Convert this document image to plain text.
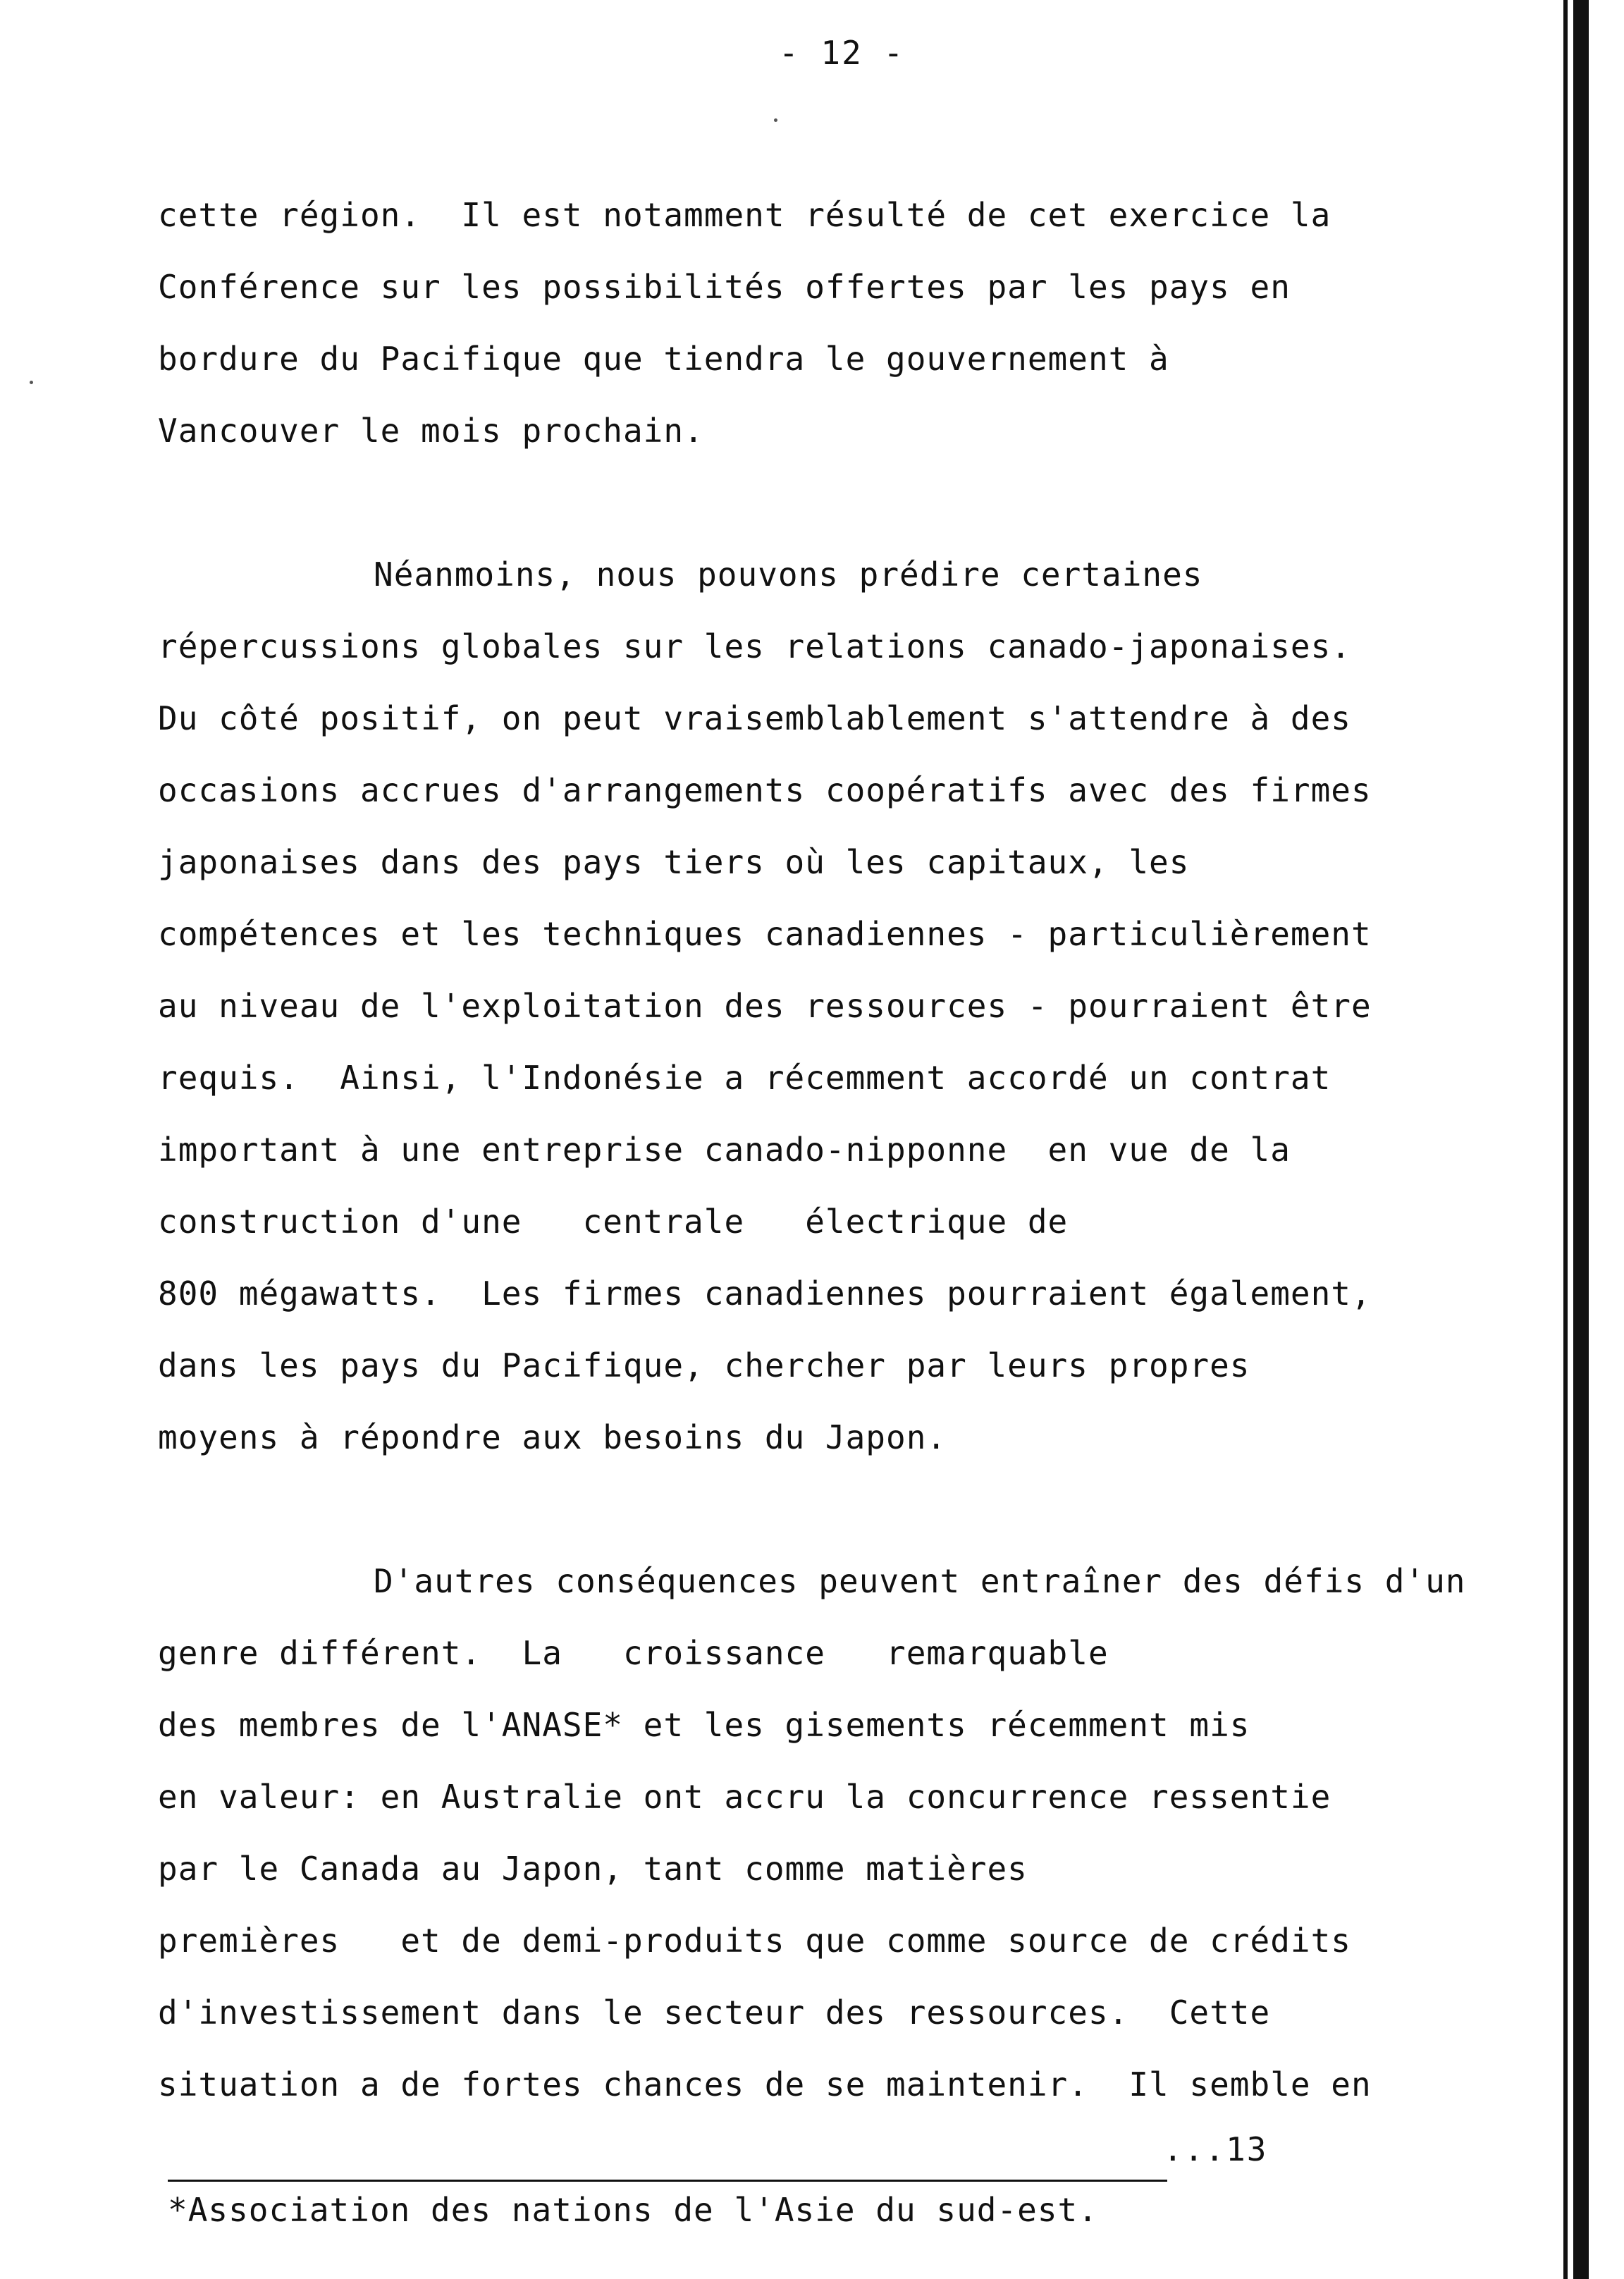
- 12 -
cette région.  Il est notamment résulté de cet exercice la
Conférence sur les possibilités offertes par les pays en
bordure du Pacifique que tiendra le gouvernement à
Vancouver le mois prochain.
Néanmoins, nous pouvons prédire certaines
répercussions globales sur les relations canado-japonaises.
Du côté positif, on peut vraisemblablement s'attendre à des
occasions accrues d'arrangements coopératifs avec des firmes
japonaises dans des pays tiers où les capitaux, les
compétences et les techniques canadiennes - particulièrement
au niveau de l'exploitation des ressources - pourraient être
requis.  Ainsi, l'Indonésie a récemment accordé un contrat
important à une entreprise canado-nipponne  en vue de la
construction d'une   centrale   électrique de
800 mégawatts.  Les firmes canadiennes pourraient également,
dans les pays du Pacifique, chercher par leurs propres
moyens à répondre aux besoins du Japon.
D'autres conséquences peuvent entraîner des défis d'un
genre différent.  La   croissance   remarquable
des membres de l'ANASE* et les gisements récemment mis
en valeur: en Australie ont accru la concurrence ressentie
par le Canada au Japon, tant comme matières
premières   et de demi-produits que comme source de crédits
d'investissement dans le secteur des ressources.  Cette
situation a de fortes chances de se maintenir.  Il semble en
...13
*Association des nations de l'Asie du sud-est.
